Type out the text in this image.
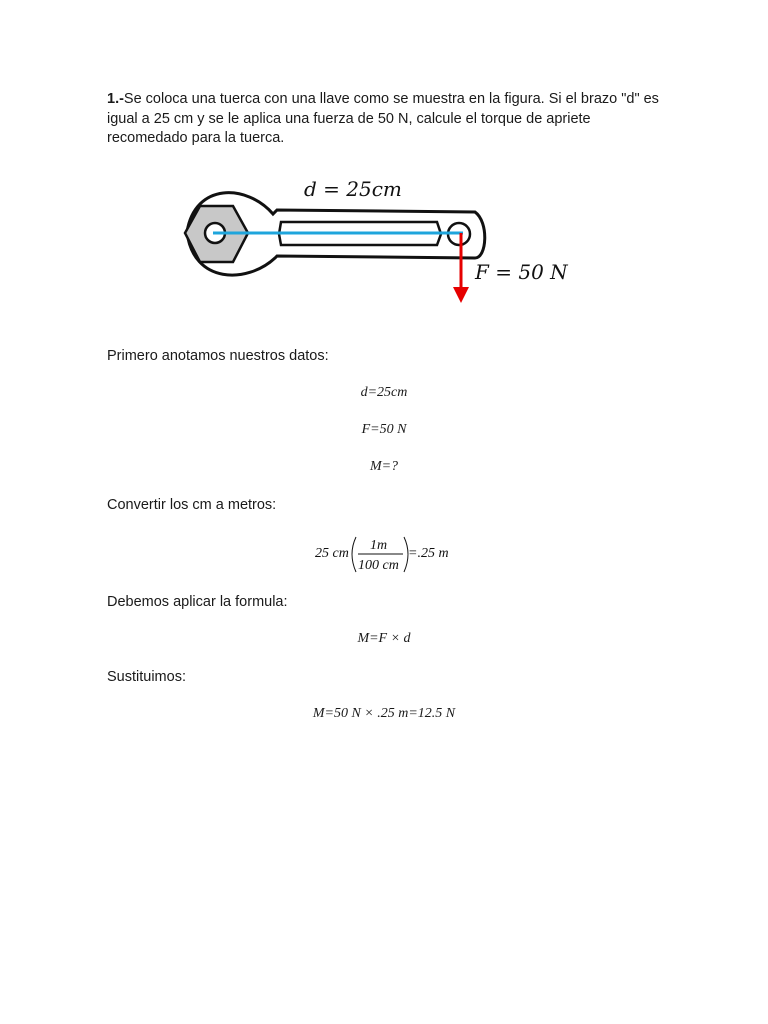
1.-Se coloca una tuerca con una llave como se muestra en la figura. Si el brazo "d" es igual a 25 cm y se le aplica una fuerza de 50 N, calcule el torque de apriete recomedado para la tuerca.
d = 25cm
F = 50 N
Primero anotamos nuestros datos:
d=25cm
F=50 N
M=?
Convertir los cm a metros:
25 cm
1m
100 cm
=.25 m
Debemos aplicar la formula:
M=F × d
Sustituimos:
M=50 N × .25 m=12.5 N
